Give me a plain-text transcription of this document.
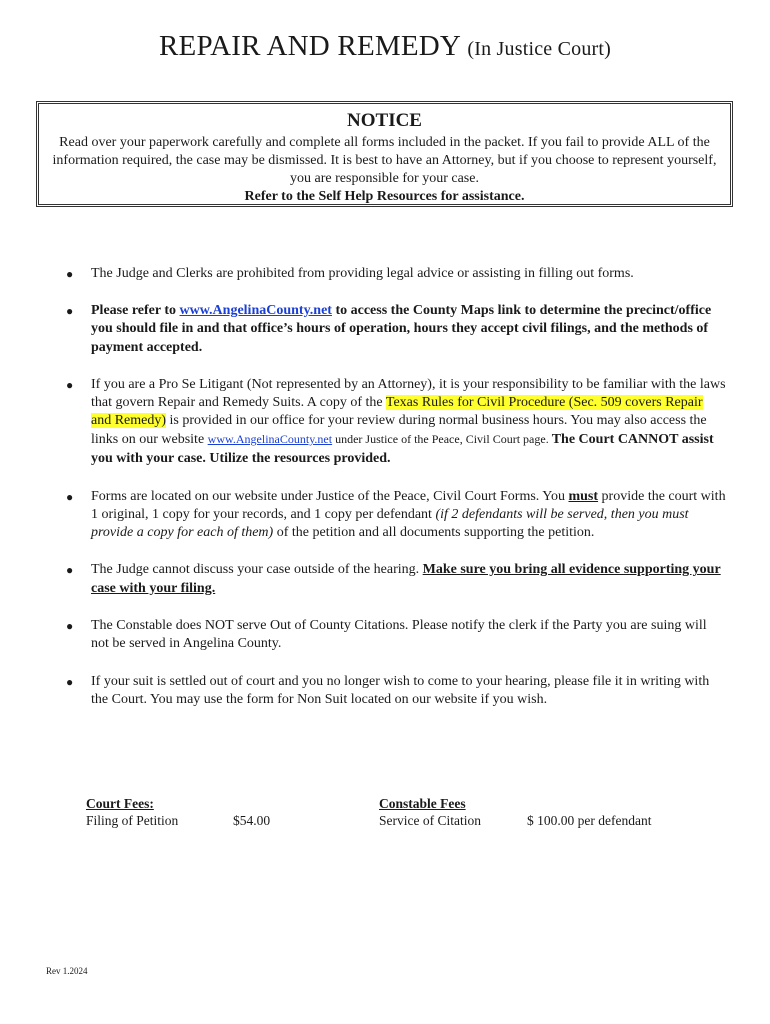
REPAIR AND REMEDY (In Justice Court)
NOTICE
Read over your paperwork carefully and complete all forms included in the packet. If you fail to provide ALL of the information required, the case may be dismissed. It is best to have an Attorney, but if you choose to represent yourself, you are responsible for your case.
Refer to the Self Help Resources for assistance.
● The Judge and Clerks are prohibited from providing legal advice or assisting in filling out forms.
● Please refer to www.AngelinaCounty.net to access the County Maps link to determine the precinct/office you should file in and that office’s hours of operation, hours they accept civil filings, and the methods of payment accepted.
● If you are a Pro Se Litigant (Not represented by an Attorney), it is your responsibility to be familiar with the laws that govern Repair and Remedy Suits. A copy of the Texas Rules for Civil Procedure (Sec. 509 covers Repair and Remedy) is provided in our office for your review during normal business hours. You may also access the links on our website www.AngelinaCounty.net under Justice of the Peace, Civil Court page. The Court CANNOT assist you with your case. Utilize the resources provided.
● Forms are located on our website under Justice of the Peace, Civil Court Forms. You must provide the court with 1 original, 1 copy for your records, and 1 copy per defendant (if 2 defendants will be served, then you must provide a copy for each of them) of the petition and all documents supporting the petition.
● The Judge cannot discuss your case outside of the hearing. Make sure you bring all evidence supporting your case with your filing.
● The Constable does NOT serve Out of County Citations. Please notify the clerk if the Party you are suing will not be served in Angelina County.
● If your suit is settled out of court and you no longer wish to come to your hearing, please file it in writing with the Court. You may use the form for Non Suit located on our website if you wish.
Court Fees:
Filing of Petition	$54.00
Constable Fees
Service of Citation	$ 100.00 per defendant
Rev 1.2024
